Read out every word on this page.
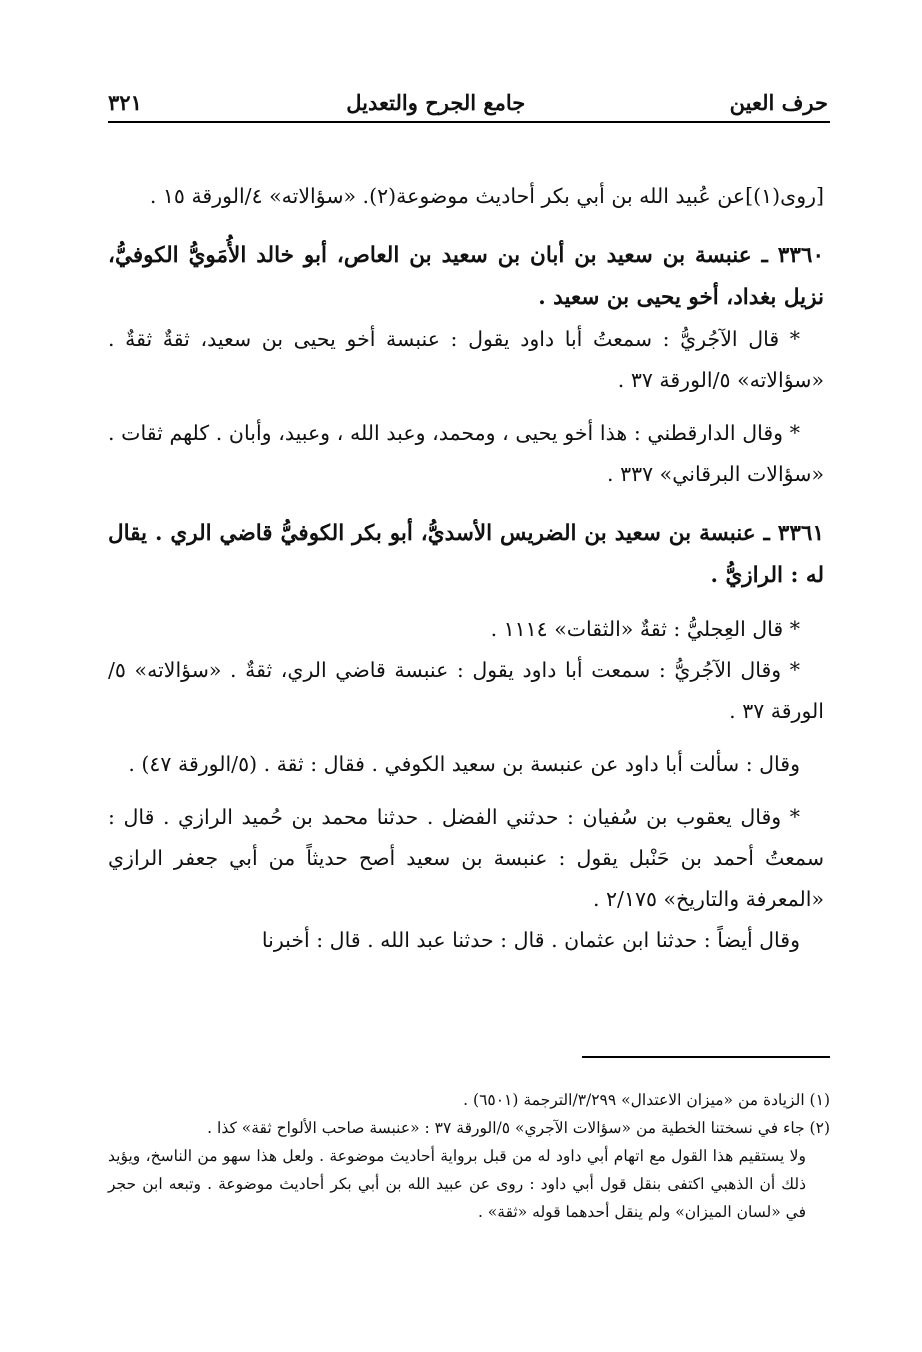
حرف العين
جامع الجرح والتعديل
٣٢١

[روى(١)]عن عُبيد الله بن أبي بكر أحاديث موضوعة(٢). «سؤالاته» ٤/الورقة ١٥ .

٣٣٦٠ ـ عنبسة بن سعيد بن أبان بن سعيد بن العاص، أبو خالد الأُمَويُّ الكوفيُّ، نزيل بغداد، أخو يحيى بن سعيد .

* قال الآجُريُّ : سمعتُ أبا داود يقول : عنبسة أخو يحيى بن سعيد، ثقةٌ ثقةٌ . «سؤالاته» ٥/الورقة ٣٧ .

* وقال الدارقطني : هذا أخو يحيى ، ومحمد، وعبد الله ، وعبيد، وأبان . كلهم ثقات . «سؤالات البرقاني» ٣٣٧ .

٣٣٦١ ـ عنبسة بن سعيد بن الضريس الأسديُّ، أبو بكر الكوفيُّ قاضي الري . يقال له : الرازيُّ .

* قال العِجليُّ : ثقةٌ «الثقات» ١١١٤ .

* وقال الآجُريُّ : سمعت أبا داود يقول : عنبسة قاضي الري، ثقةٌ . «سؤالاته» ٥/الورقة ٣٧ .

وقال : سألت أبا داود عن عنبسة بن سعيد الكوفي . فقال : ثقة . (٥/الورقة ٤٧) .

* وقال يعقوب بن سُفيان : حدثني الفضل . حدثنا محمد بن حُميد الرازي . قال : سمعتُ أحمد بن حَنْبل يقول : عنبسة بن سعيد أصح حديثاً من أبي جعفر الرازي «المعرفة والتاريخ» ٢/١٧٥ .

وقال أيضاً : حدثنا ابن عثمان . قال : حدثنا عبد الله . قال : أخبرنا

(١) الزيادة من «ميزان الاعتدال» ٣/٢٩٩/الترجمة (٦٥٠١) .

(٢) جاء في نسختنا الخطية من «سؤالات الآجري» ٥/الورقة ٣٧ : «عنبسة صاحب الألواح ثقة» كذا .

ولا يستقيم هذا القول مع اتهام أبي داود له من قبل برواية أحاديث موضوعة . ولعل هذا سهو من الناسخ، ويؤيد ذلك أن الذهبي اكتفى بنقل قول أبي داود : روى عن عبيد الله بن أبي بكر أحاديث موضوعة . وتبعه ابن حجر في «لسان الميزان» ولم ينقل أحدهما قوله «ثقة» .
